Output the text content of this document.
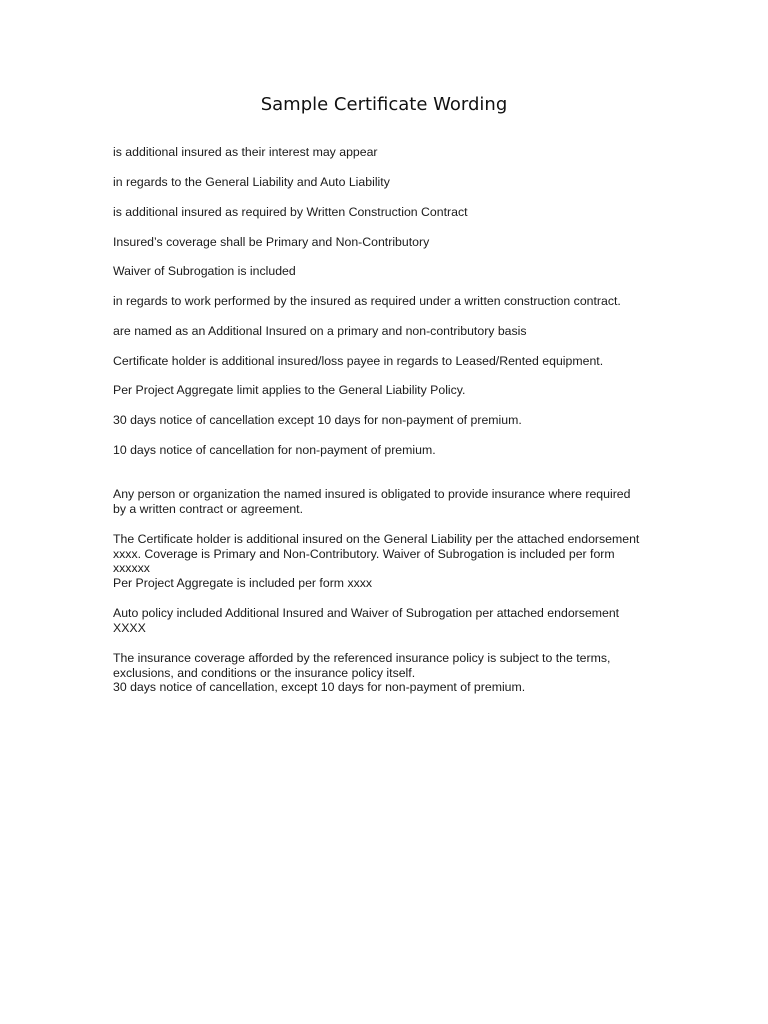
Sample Certificate Wording

is additional insured as their interest may appear

in regards to the General Liability and Auto Liability

is additional insured as required by Written Construction Contract

Insured’s coverage shall be Primary and Non-Contributory

Waiver of Subrogation is included

in regards to work performed by the insured as required under a written construction contract.

are named as an Additional Insured on a primary and non-contributory basis

Certificate holder is additional insured/loss payee in regards to Leased/Rented equipment.

Per Project Aggregate limit applies to the General Liability Policy.

30 days notice of cancellation except 10 days for non-payment of premium.

10 days notice of cancellation for non-payment of premium.

Any person or organization the named insured is obligated to provide insurance where required
by a written contract or agreement.
The Certificate holder is additional insured on the General Liability per the attached endorsement
xxxx. Coverage is Primary and Non-Contributory. Waiver of Subrogation is included per form
xxxxxx
Per Project Aggregate is included per form xxxx
Auto policy included Additional Insured and Waiver of Subrogation per attached endorsement
XXXX
The insurance coverage afforded by the referenced insurance policy is subject to the terms,
exclusions, and conditions or the insurance policy itself.
30 days notice of cancellation, except 10 days for non-payment of premium.
